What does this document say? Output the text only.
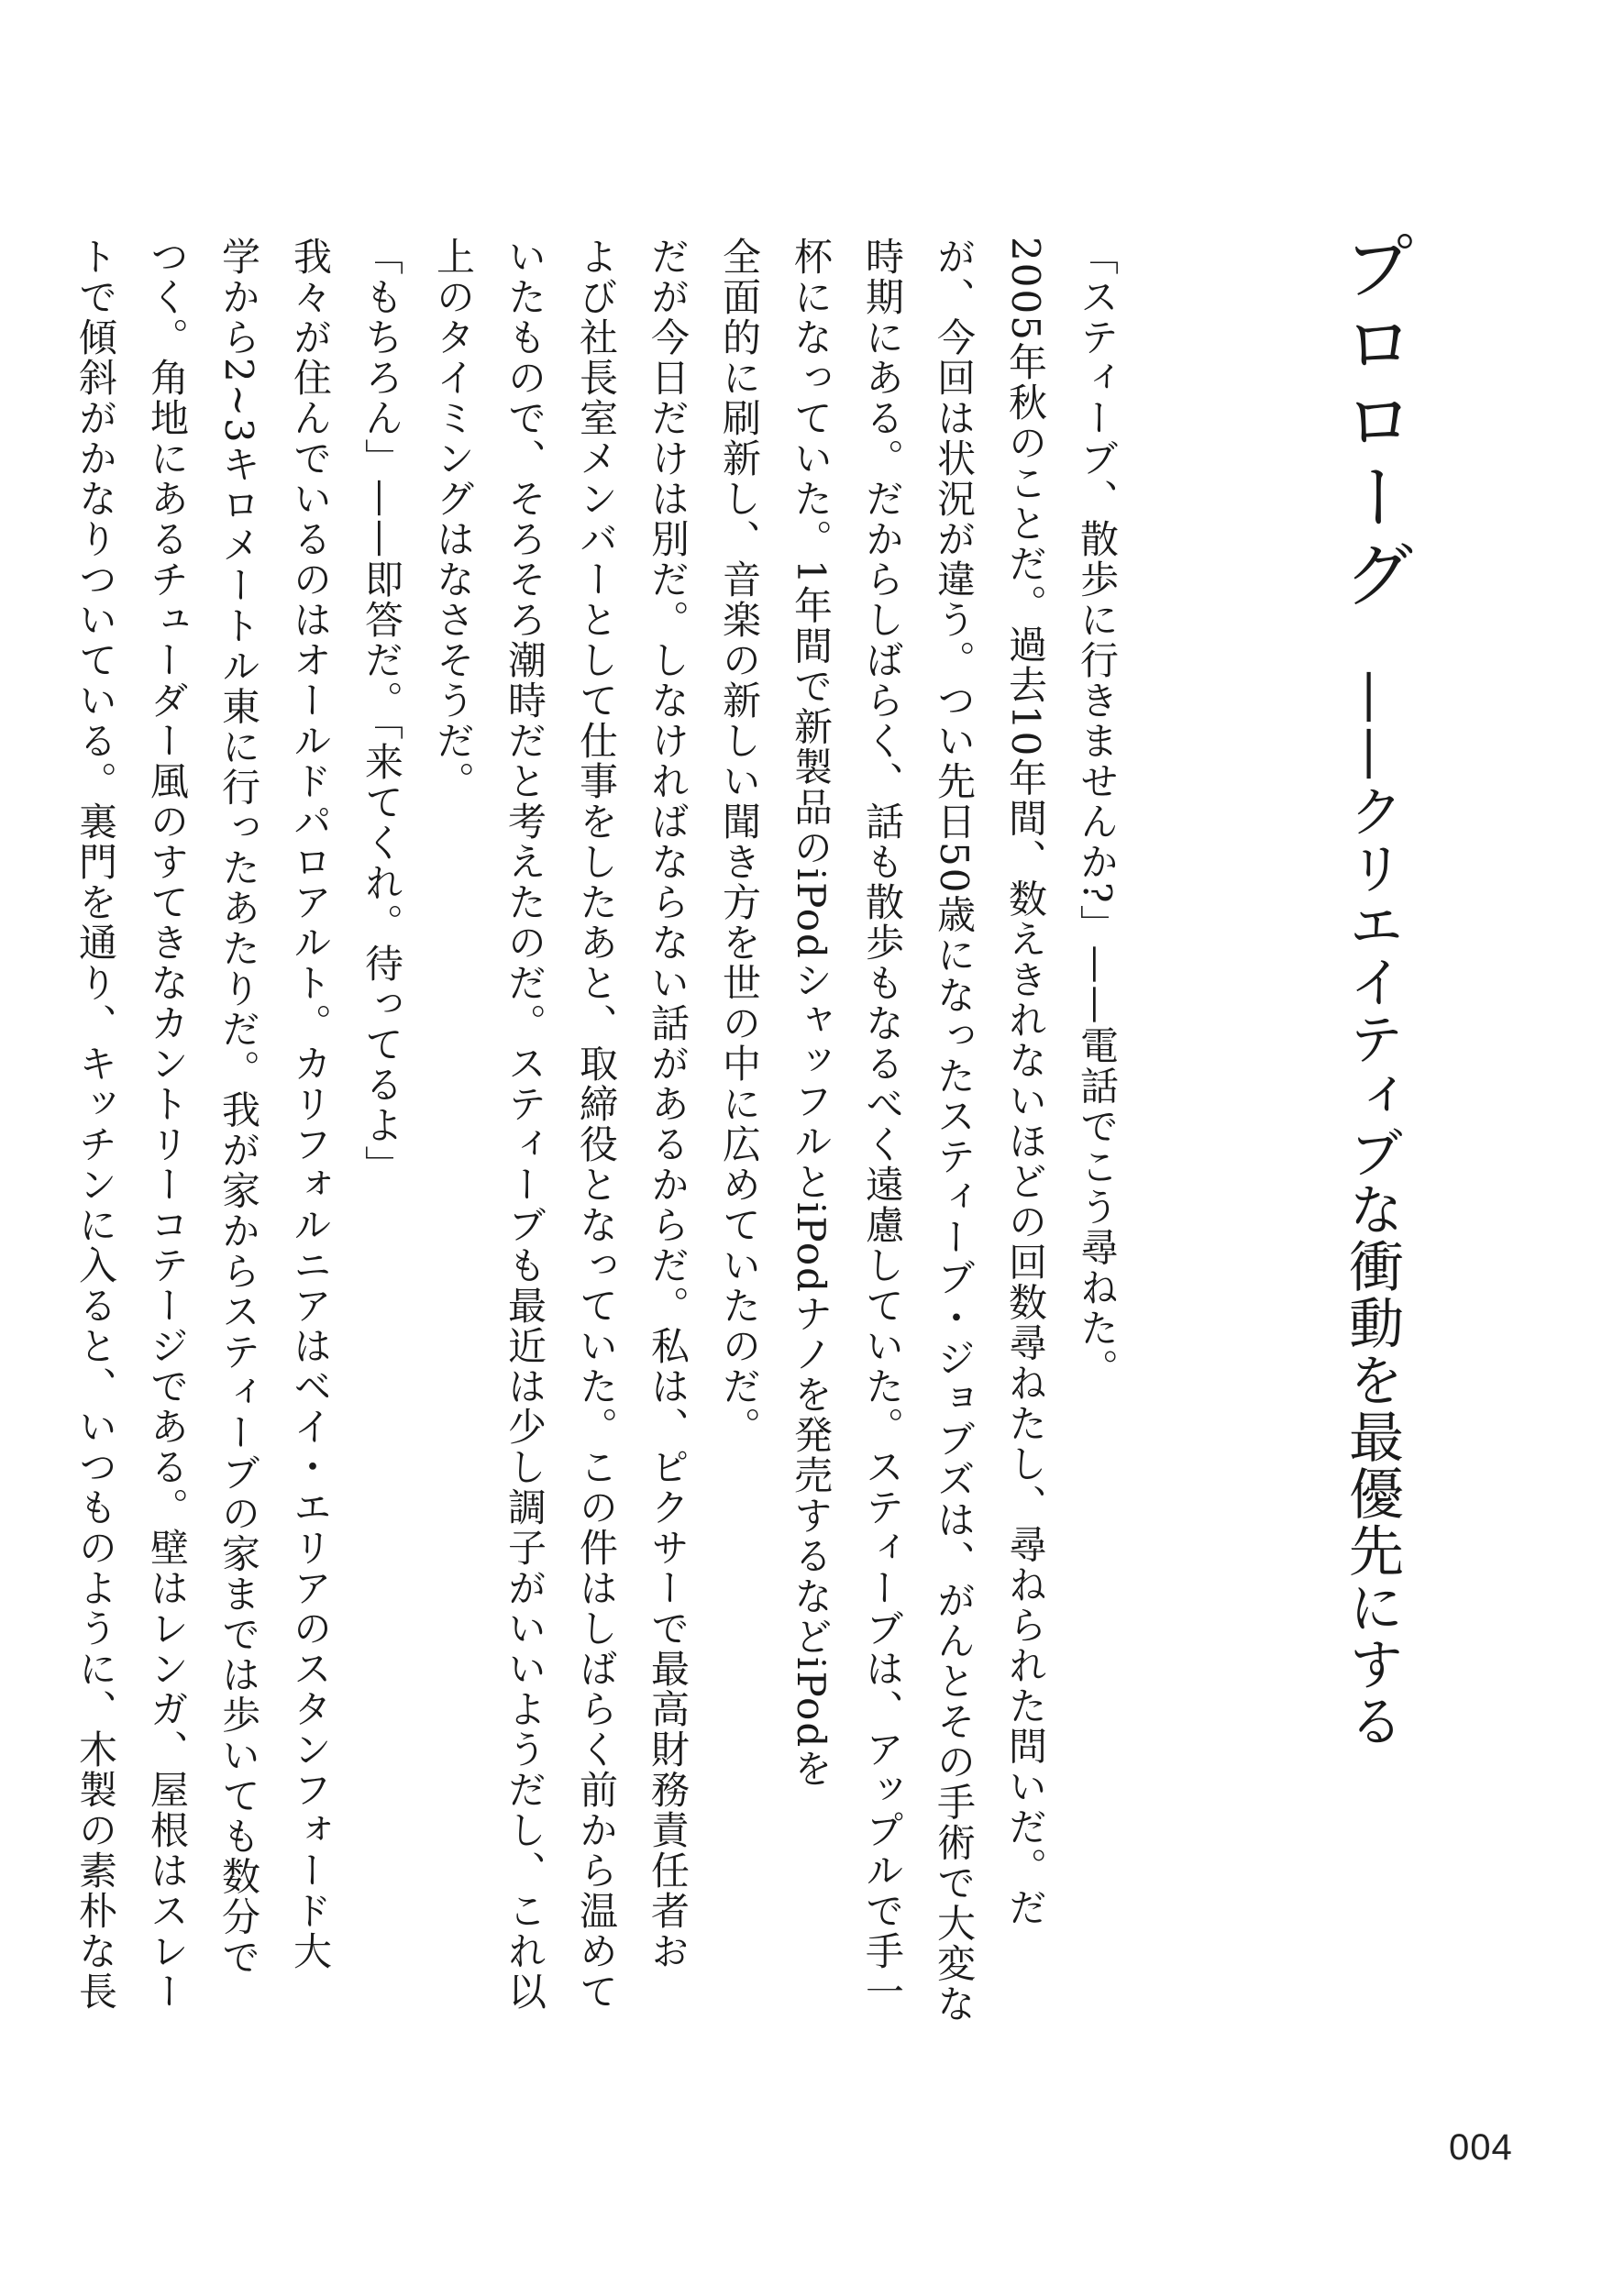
プロローグ
——クリエイティブな衝動を最優先にする
「スティーブ、散歩に行きませんか?」——電話でこう尋ねた。
2005年秋のことだ。過去10年間、数えきれないほどの回数尋ねたし、尋ねられた問いだ。だ
が、今回は状況が違う。つい先日50歳になったスティーブ・ジョブズは、がんとその手術で大変な
時期にある。だからしばらく、話も散歩もなるべく遠慮していた。スティーブは、アップルで手一
杯になっていた。1年間で新製品のiPodシャッフルとiPodナノを発売するなどiPodを
全面的に刷新し、音楽の新しい聞き方を世の中に広めていたのだ。
だが今日だけは別だ。しなければならない話があるからだ。私は、ピクサーで最高財務責任者お
よび社長室メンバーとして仕事をしたあと、取締役となっていた。この件はしばらく前から温めて
いたもので、そろそろ潮時だと考えたのだ。スティーブも最近は少し調子がいいようだし、これ以
上のタイミングはなさそうだ。
「もちろん」——即答だ。「来てくれ。待ってるよ」
我々が住んでいるのはオールドパロアルト。カリフォルニアはベイ・エリアのスタンフォード大
学から2~3キロメートル東に行ったあたりだ。我が家からスティーブの家までは歩いても数分で
つく。角地にあるチューダー風のすてきなカントリーコテージである。壁はレンガ、屋根はスレー
トで傾斜がかなりついている。裏門を通り、キッチンに入ると、いつものように、木製の素朴な長
004
